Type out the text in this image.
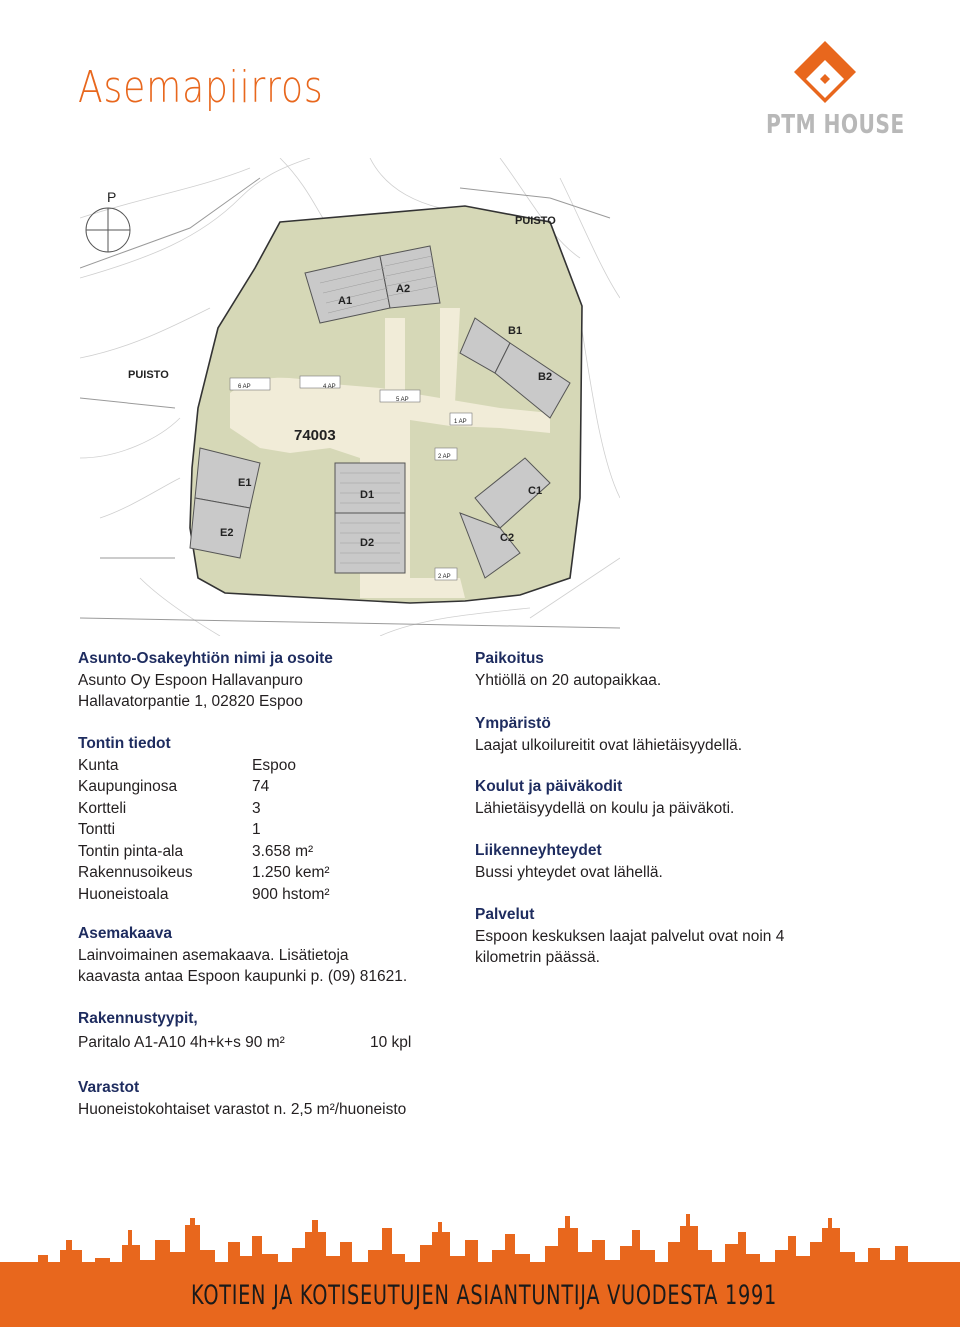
Asemapiirros
PTM HOUSE
P
PUISTO
PUISTO
74003
A1
A2
B1
B2
C1
C2
D1
D2
E1
E2
6 AP	4 AP
5 AP
1 AP
2 AP
2 AP
Asunto-Osakeyhtiön nimi ja osoite
Asunto Oy Espoon Hallavanpuro
Hallavatorpantie 1, 02820 Espoo
Tontin tiedot
Kunta	Espoo
Kaupunginosa	74
Kortteli	3
Tontti	1
Tontin pinta-ala	3.658 m²
Rakennusoikeus	1.250 kem²
Huoneistoala	900 hstom²
Asemakaava
Lainvoimainen asemakaava. Lisätietoja
kaavasta antaa Espoon kaupunki p. (09) 81621.
Rakennustyypit,
Paritalo A1-A10 4h+k+s 90 m²	10 kpl
Varastot
Huoneistokohtaiset varastot n. 2,5 m²/huoneisto
Paikoitus
Yhtiöllä on 20 autopaikkaa.
Ympäristö
Laajat ulkoilureitit ovat lähietäisyydellä.
Koulut ja päiväkodit
Lähietäisyydellä on koulu ja päiväkoti.
Liikenneyhteydet
Bussi yhteydet ovat lähellä.
Palvelut
Espoon keskuksen laajat palvelut ovat noin 4
kilometrin päässä.
KOTIEN JA KOTISEUTUJEN ASIANTUNTIJA VUODESTA 1991
